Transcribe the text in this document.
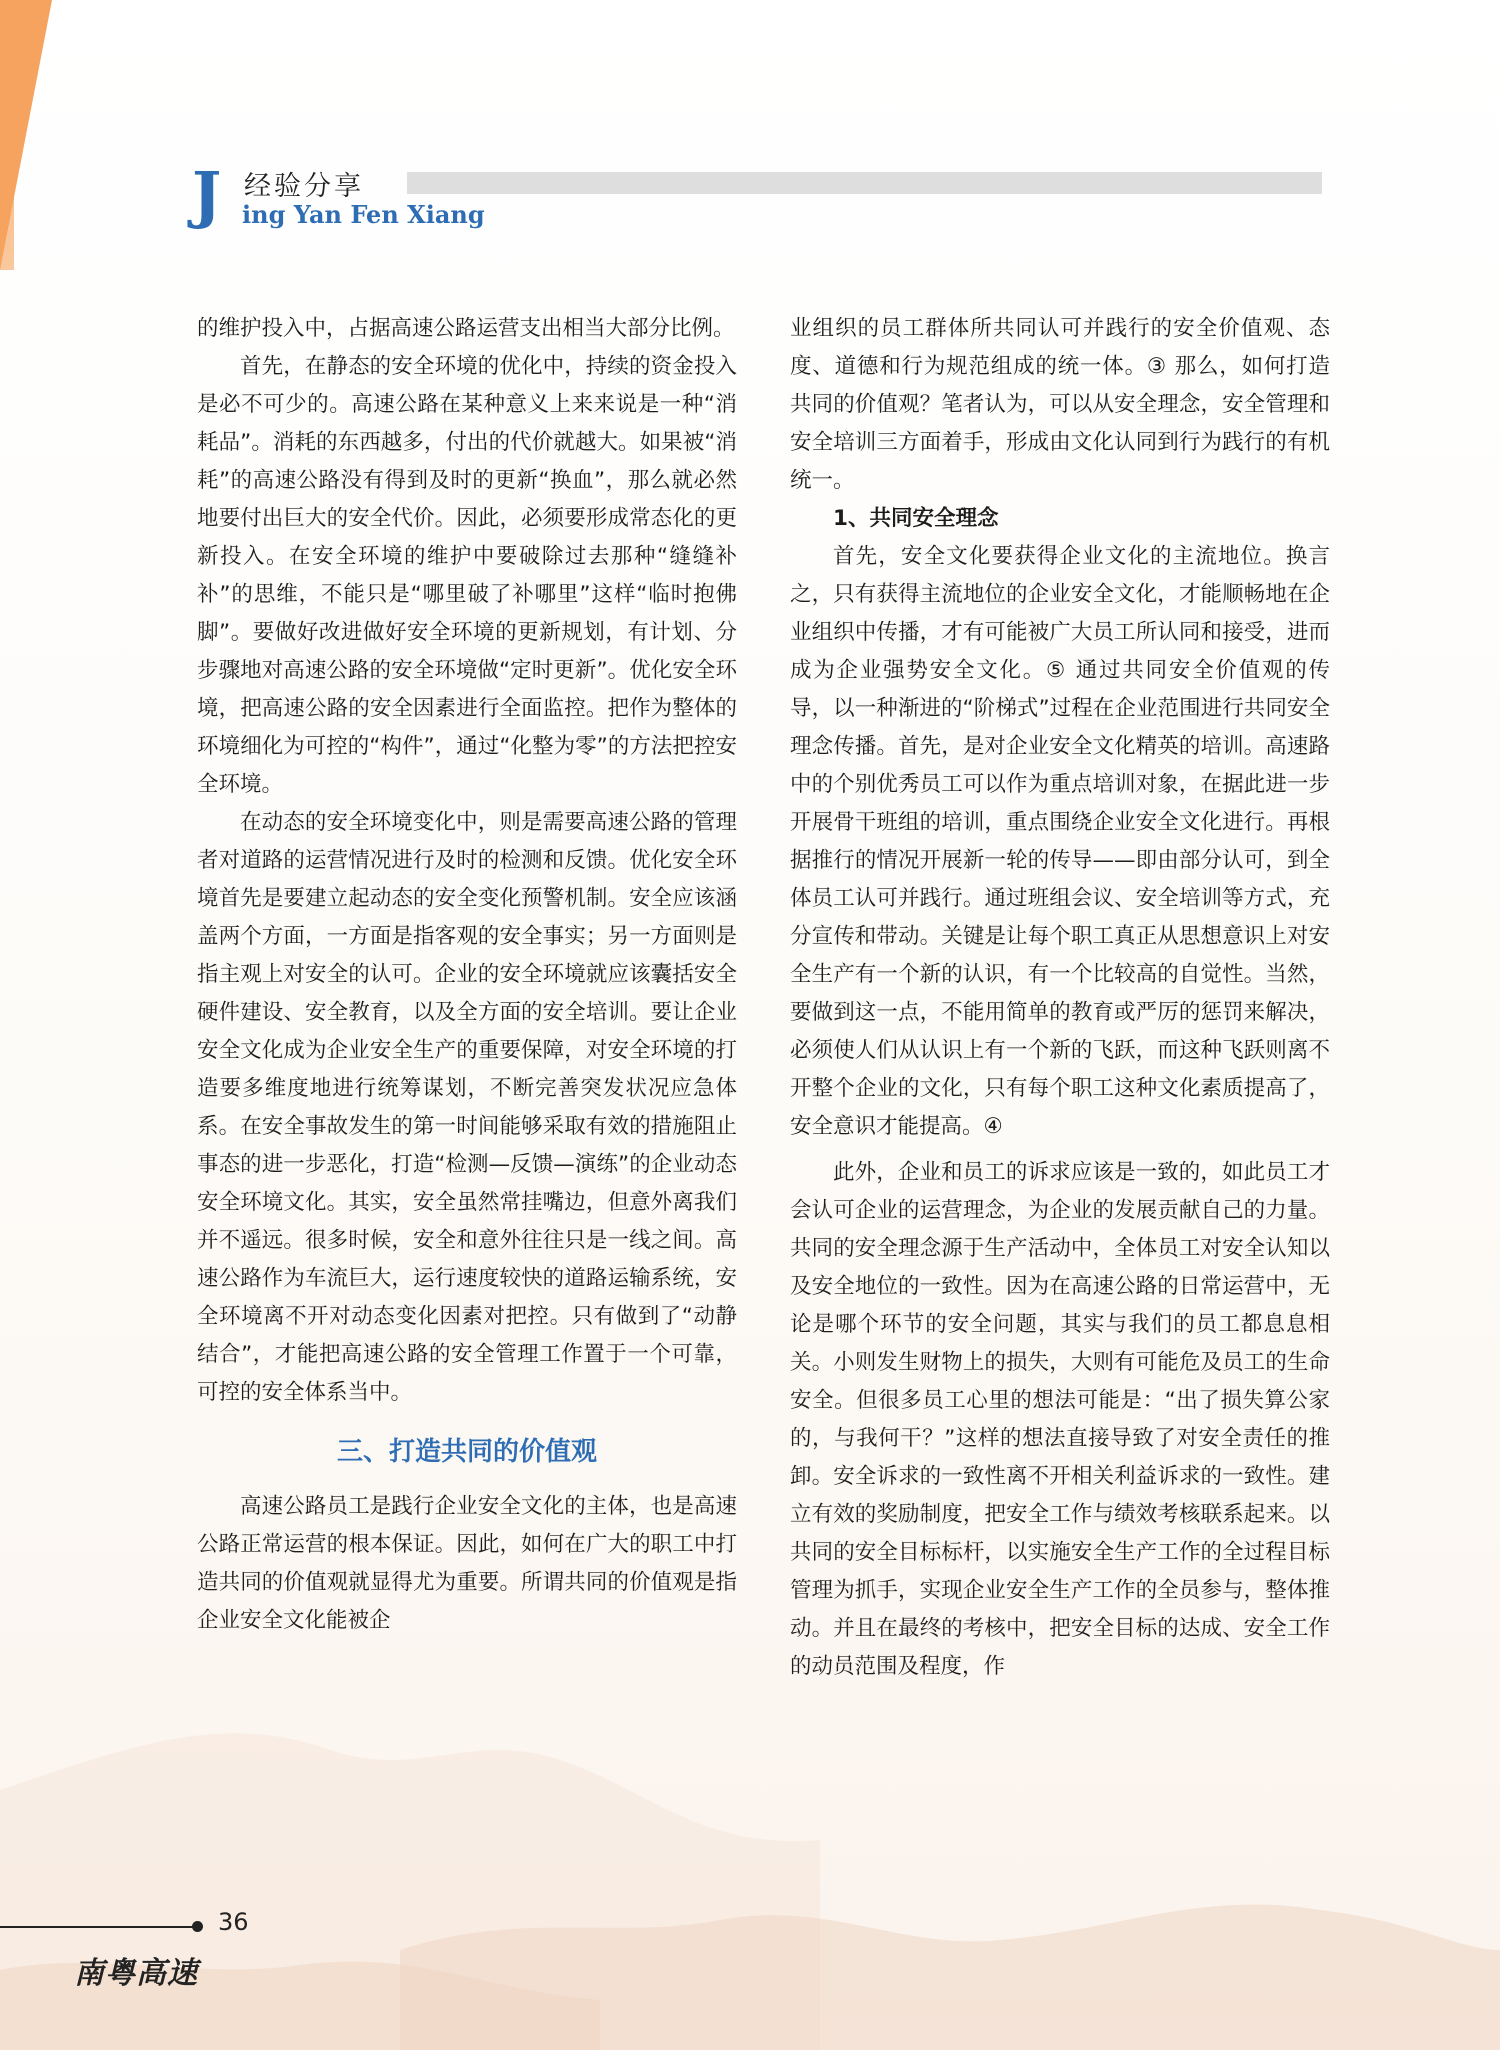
J 经验分享
ing Yan Fen Xiang

的维护投入中，占据高速公路运营支出相当大部分比例。

首先，在静态的安全环境的优化中，持续的资金投入是必不可少的。高速公路在某种意义上来来说是一种“消耗品”。消耗的东西越多，付出的代价就越大。如果被“消耗”的高速公路没有得到及时的更新“换血”，那么就必然地要付出巨大的安全代价。因此，必须要形成常态化的更新投入。在安全环境的维护中要破除过去那种“缝缝补补”的思维，不能只是“哪里破了补哪里”这样“临时抱佛脚”。要做好改进做好安全环境的更新规划，有计划、分步骤地对高速公路的安全环境做“定时更新”。优化安全环境，把高速公路的安全因素进行全面监控。把作为整体的环境细化为可控的“构件”，通过“化整为零”的方法把控安全环境。

在动态的安全环境变化中，则是需要高速公路的管理者对道路的运营情况进行及时的检测和反馈。优化安全环境首先是要建立起动态的安全变化预警机制。安全应该涵盖两个方面，一方面是指客观的安全事实；另一方面则是指主观上对安全的认可。企业的安全环境就应该囊括安全硬件建设、安全教育，以及全方面的安全培训。要让企业安全文化成为企业安全生产的重要保障，对安全环境的打造要多维度地进行统筹谋划，不断完善突发状况应急体系。在安全事故发生的第一时间能够采取有效的措施阻止事态的进一步恶化，打造“检测—反馈—演练”的企业动态安全环境文化。其实，安全虽然常挂嘴边，但意外离我们并不遥远。很多时候，安全和意外往往只是一线之间。高速公路作为车流巨大，运行速度较快的道路运输系统，安全环境离不开对动态变化因素对把控。只有做到了“动静结合”，才能把高速公路的安全管理工作置于一个可靠，可控的安全体系当中。

三、打造共同的价值观

高速公路员工是践行企业安全文化的主体，也是高速公路正常运营的根本保证。因此，如何在广大的职工中打造共同的价值观就显得尤为重要。所谓共同的价值观是指企业安全文化能被企

业组织的员工群体所共同认可并践行的安全价值观、态度、道德和行为规范组成的统一体。③ 那么，如何打造共同的价值观？笔者认为，可以从安全理念，安全管理和安全培训三方面着手，形成由文化认同到行为践行的有机统一。

1、共同安全理念

首先，安全文化要获得企业文化的主流地位。换言之，只有获得主流地位的企业安全文化，才能顺畅地在企业组织中传播，才有可能被广大员工所认同和接受，进而成为企业强势安全文化。⑤ 通过共同安全价值观的传导，以一种渐进的“阶梯式”过程在企业范围进行共同安全理念传播。首先，是对企业安全文化精英的培训。高速路中的个别优秀员工可以作为重点培训对象，在据此进一步开展骨干班组的培训，重点围绕企业安全文化进行。再根据推行的情况开展新一轮的传导——即由部分认可，到全体员工认可并践行。通过班组会议、安全培训等方式，充分宣传和带动。关键是让每个职工真正从思想意识上对安全生产有一个新的认识，有一个比较高的自觉性。当然，要做到这一点，不能用简单的教育或严厉的惩罚来解决，必须使人们从认识上有一个新的飞跃，而这种飞跃则离不开整个企业的文化，只有每个职工这种文化素质提高了，安全意识才能提高。④

此外，企业和员工的诉求应该是一致的，如此员工才会认可企业的运营理念，为企业的发展贡献自己的力量。共同的安全理念源于生产活动中，全体员工对安全认知以及安全地位的一致性。因为在高速公路的日常运营中，无论是哪个环节的安全问题，其实与我们的员工都息息相关。小则发生财物上的损失，大则有可能危及员工的生命安全。但很多员工心里的想法可能是：“出了损失算公家的，与我何干？”这样的想法直接导致了对安全责任的推卸。安全诉求的一致性离不开相关利益诉求的一致性。建立有效的奖励制度，把安全工作与绩效考核联系起来。以共同的安全目标标杆，以实施安全生产工作的全过程目标管理为抓手，实现企业安全生产工作的全员参与，整体推动。并且在最终的考核中，把安全目标的达成、安全工作的动员范围及程度，作

36
南粤高速
